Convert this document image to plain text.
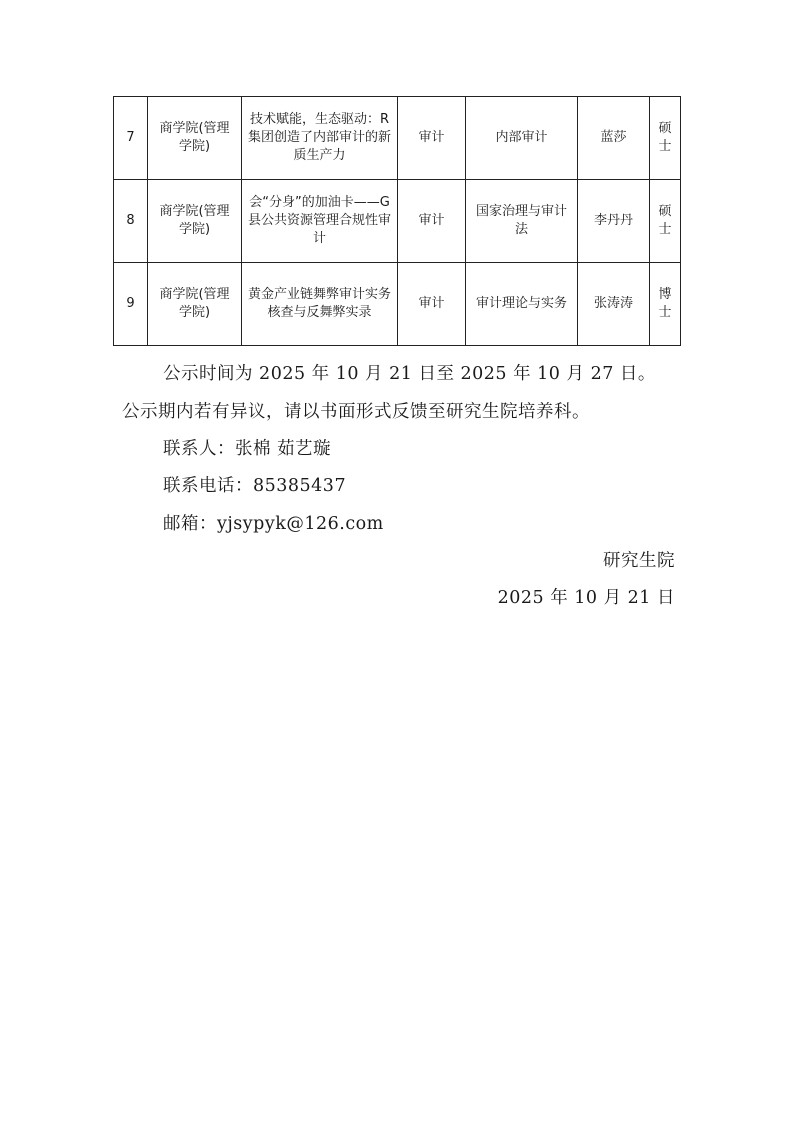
7	商学院(管理学院)	技术赋能，生态驱动：R集团创造了内部审计的新质生产力	审计	内部审计	蓝莎	硕士
8	商学院(管理学院)	会“分身”的加油卡——G县公共资源管理合规性审计	审计	国家治理与审计法	李丹丹	硕士
9	商学院(管理学院)	黄金产业链舞弊审计实务核查与反舞弊实录	审计	审计理论与实务	张涛涛	博士
公示时间为 2025 年 10 月 21 日至 2025 年 10 月 27 日。
公示期内若有异议，请以书面形式反馈至研究生院培养科。
联系人：张棉 茹艺璇
联系电话：85385437
邮箱：yjsypyk@126.com
研究生院
2025 年 10 月 21 日
